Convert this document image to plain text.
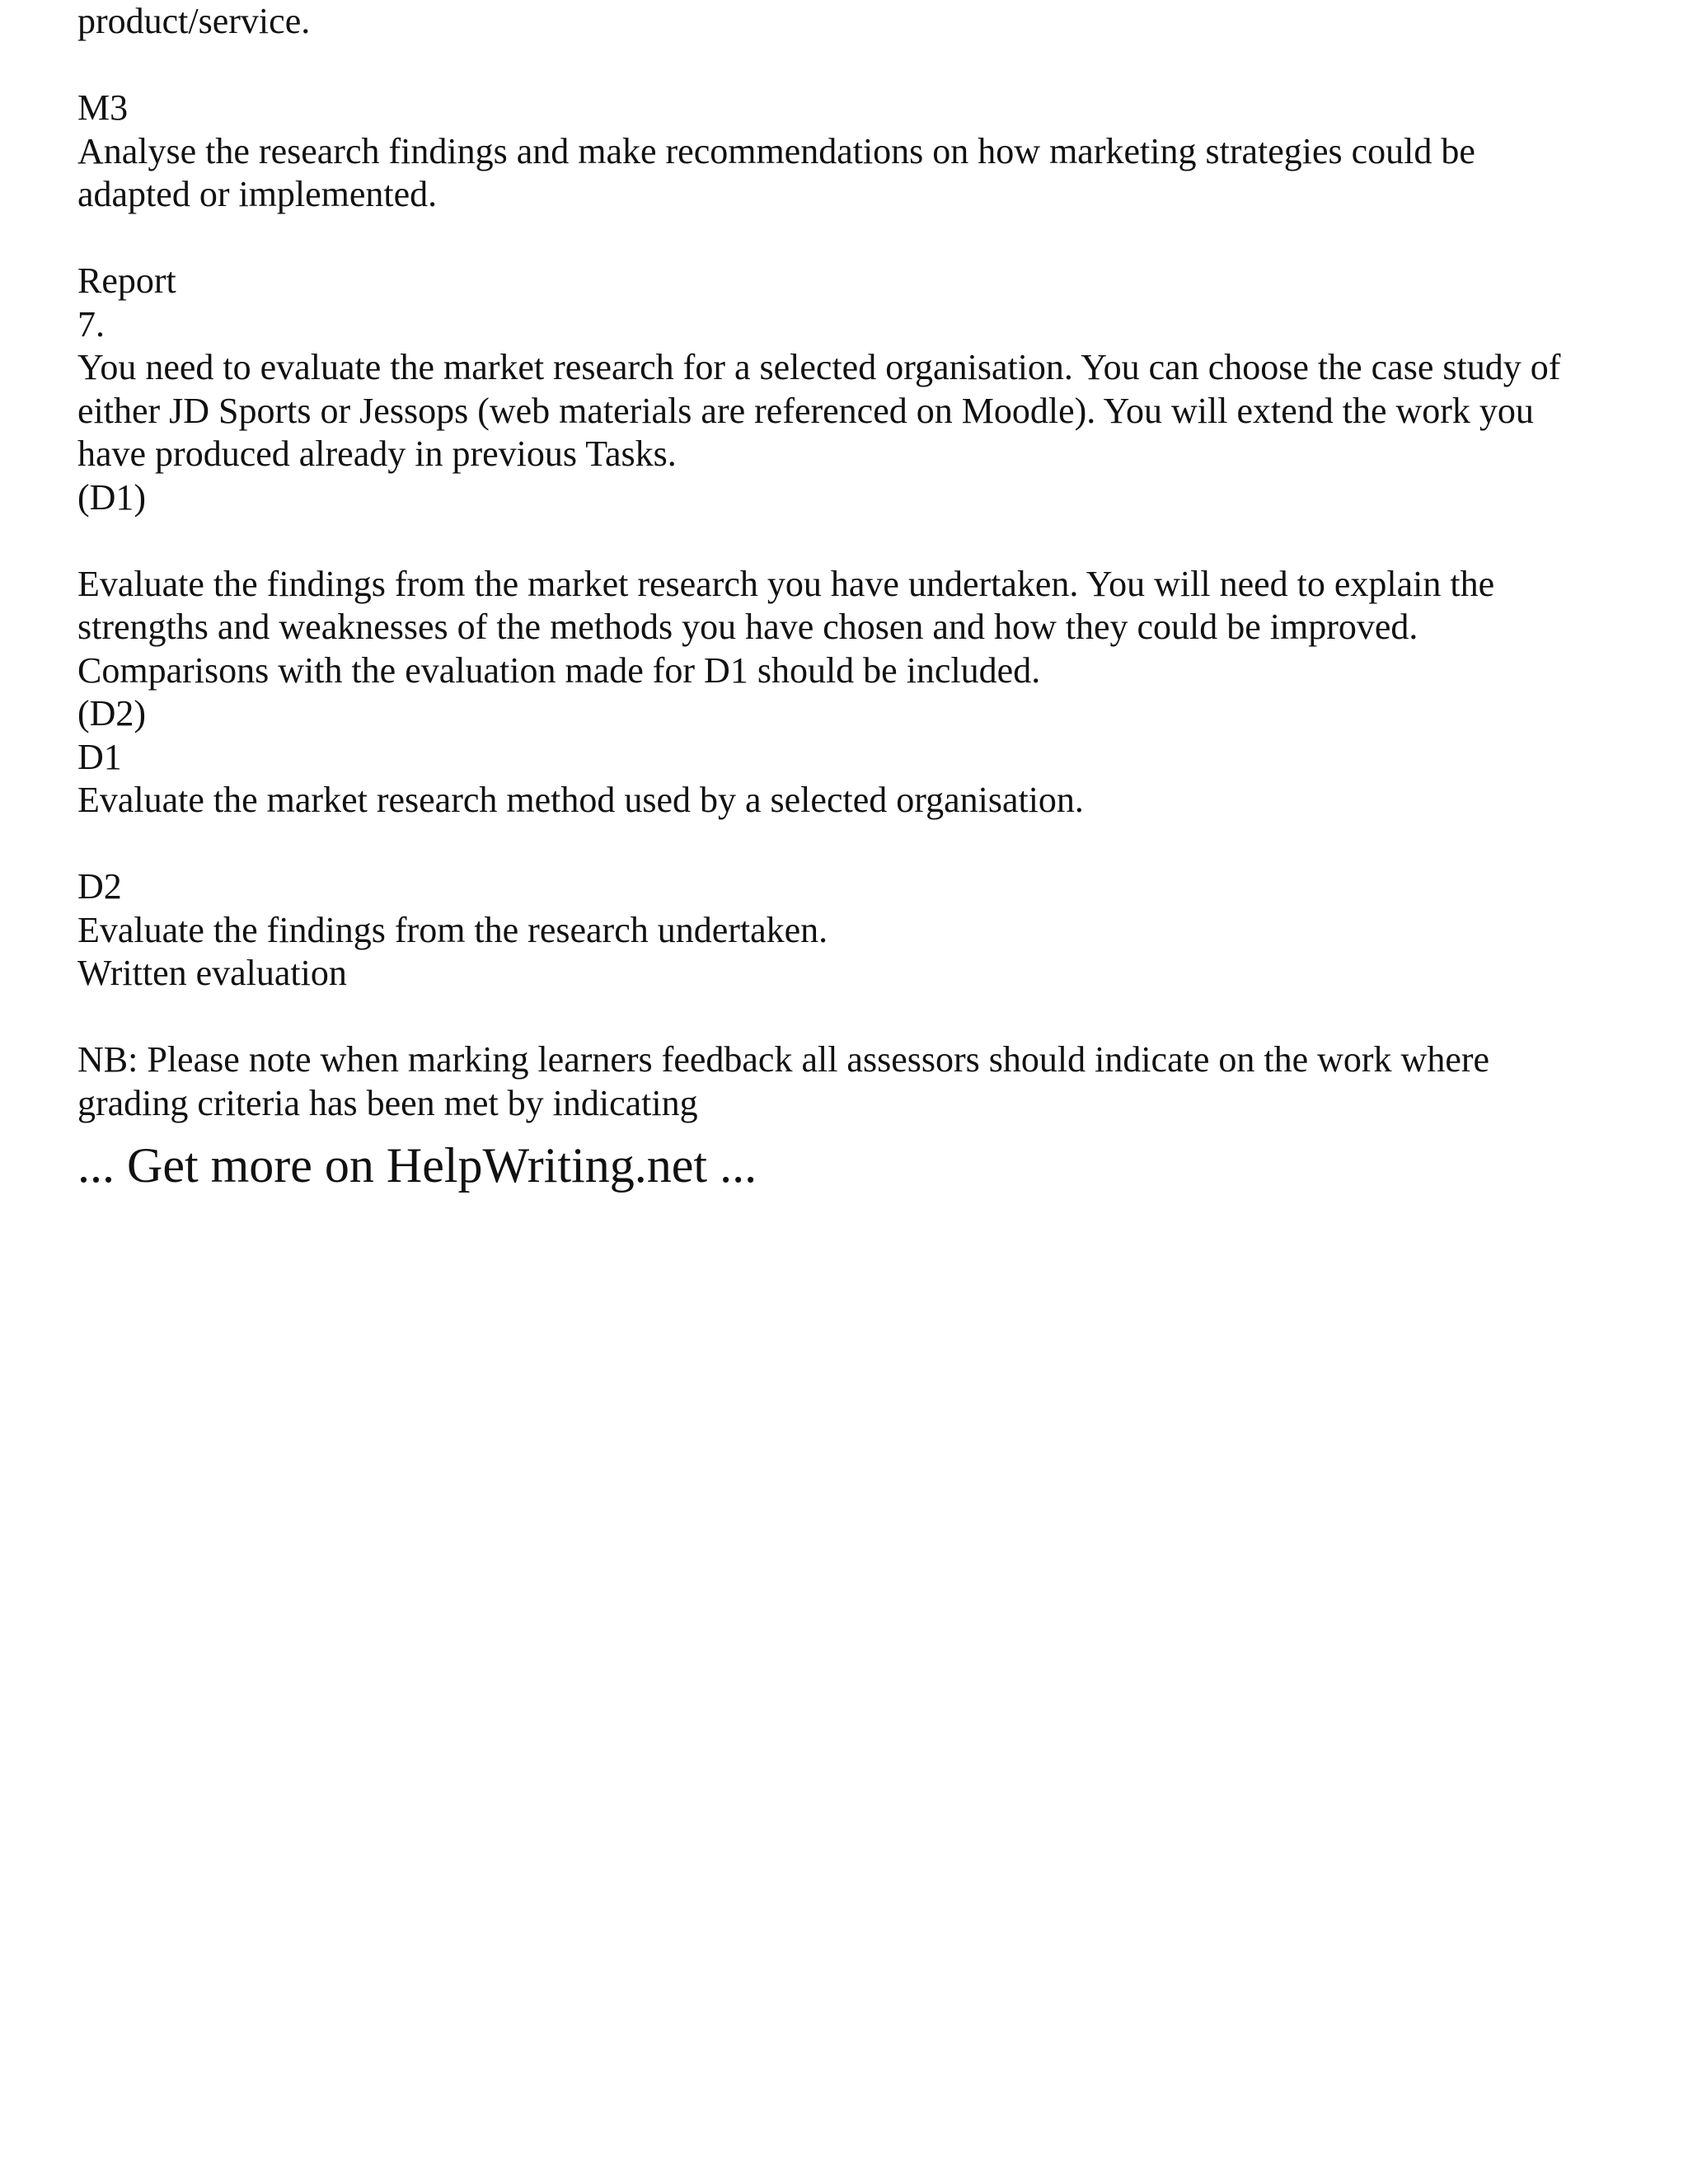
product/service.
M3
Analyse the research findings and make recommendations on how marketing strategies could be
adapted or implemented.
Report
7.
You need to evaluate the market research for a selected organisation. You can choose the case study of
either JD Sports or Jessops (web materials are referenced on Moodle). You will extend the work you
have produced already in previous Tasks.
(D1)
Evaluate the findings from the market research you have undertaken. You will need to explain the
strengths and weaknesses of the methods you have chosen and how they could be improved.
Comparisons with the evaluation made for D1 should be included.
(D2)
D1
Evaluate the market research method used by a selected organisation.
D2
Evaluate the findings from the research undertaken.
Written evaluation
NB: Please note when marking learners feedback all assessors should indicate on the work where
grading criteria has been met by indicating
... Get more on HelpWriting.net ...
